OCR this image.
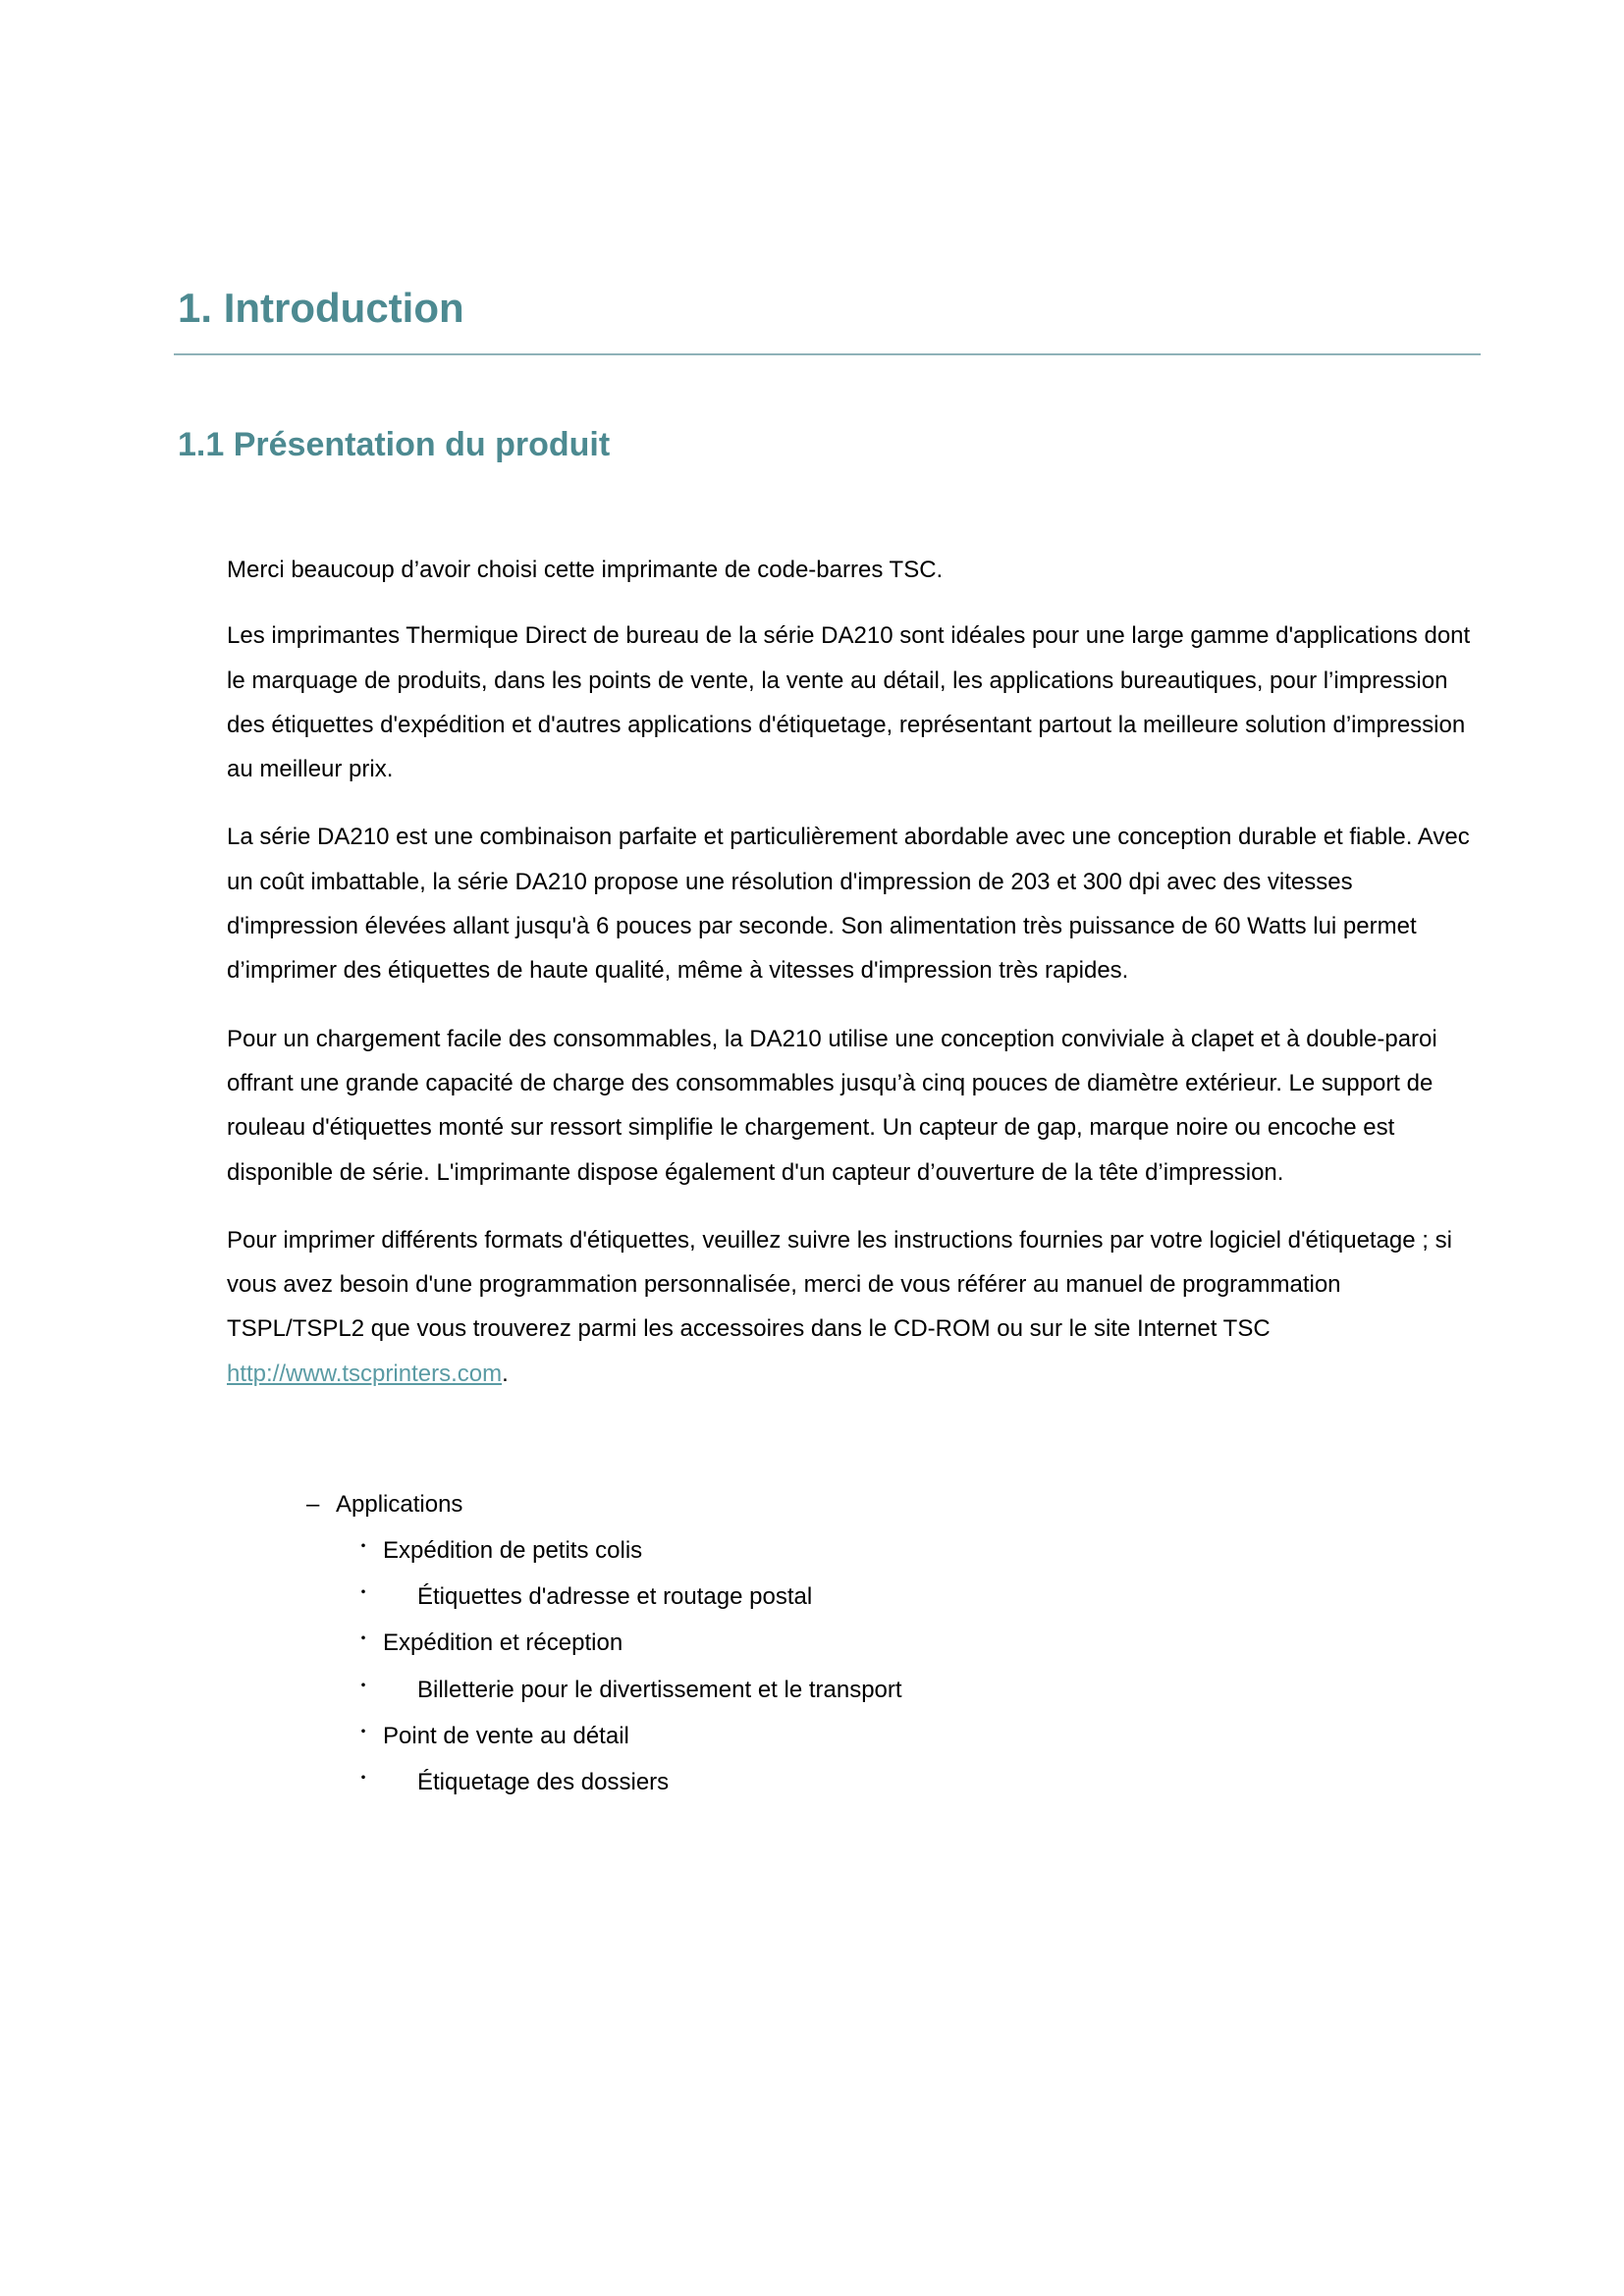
1. Introduction
1.1 Présentation du produit

Merci beaucoup d’avoir choisi cette imprimante de code-barres TSC.

Les imprimantes Thermique Direct de bureau de la série DA210 sont idéales pour une large gamme d'applications dont le marquage de produits, dans les points de vente, la vente au détail, les applications bureautiques, pour l’impression des étiquettes d'expédition et d'autres applications d'étiquetage, représentant partout la meilleure solution d’impression au meilleur prix.

La série DA210 est une combinaison parfaite et particulièrement abordable avec une conception durable et fiable. Avec un coût imbattable, la série DA210 propose une résolution d'impression de 203 et 300 dpi avec des vitesses d'impression élevées allant jusqu'à 6 pouces par seconde. Son alimentation très puissance de 60 Watts lui permet d’imprimer des étiquettes de haute qualité, même à vitesses d'impression très rapides.

Pour un chargement facile des consommables, la DA210 utilise une conception conviviale à clapet et à double-paroi offrant une grande capacité de charge des consommables jusqu’à cinq pouces de diamètre extérieur. Le support de rouleau d'étiquettes monté sur ressort simplifie le chargement. Un capteur de gap, marque noire ou encoche est disponible de série. L'imprimante dispose également d'un capteur d’ouverture de la tête d’impression.

Pour imprimer différents formats d'étiquettes, veuillez suivre les instructions fournies par votre logiciel d'étiquetage ; si vous avez besoin d'une programmation personnalisée, merci de vous référer au manuel de programmation TSPL/TSPL2 que vous trouverez parmi les accessoires dans le CD-ROM ou sur le site Internet TSC http://www.tscprinters.com.

– Applications
・ Expédition de petits colis
・ Étiquettes d'adresse et routage postal
・ Expédition et réception
・ Billetterie pour le divertissement et le transport
・ Point de vente au détail
・ Étiquetage des dossiers
